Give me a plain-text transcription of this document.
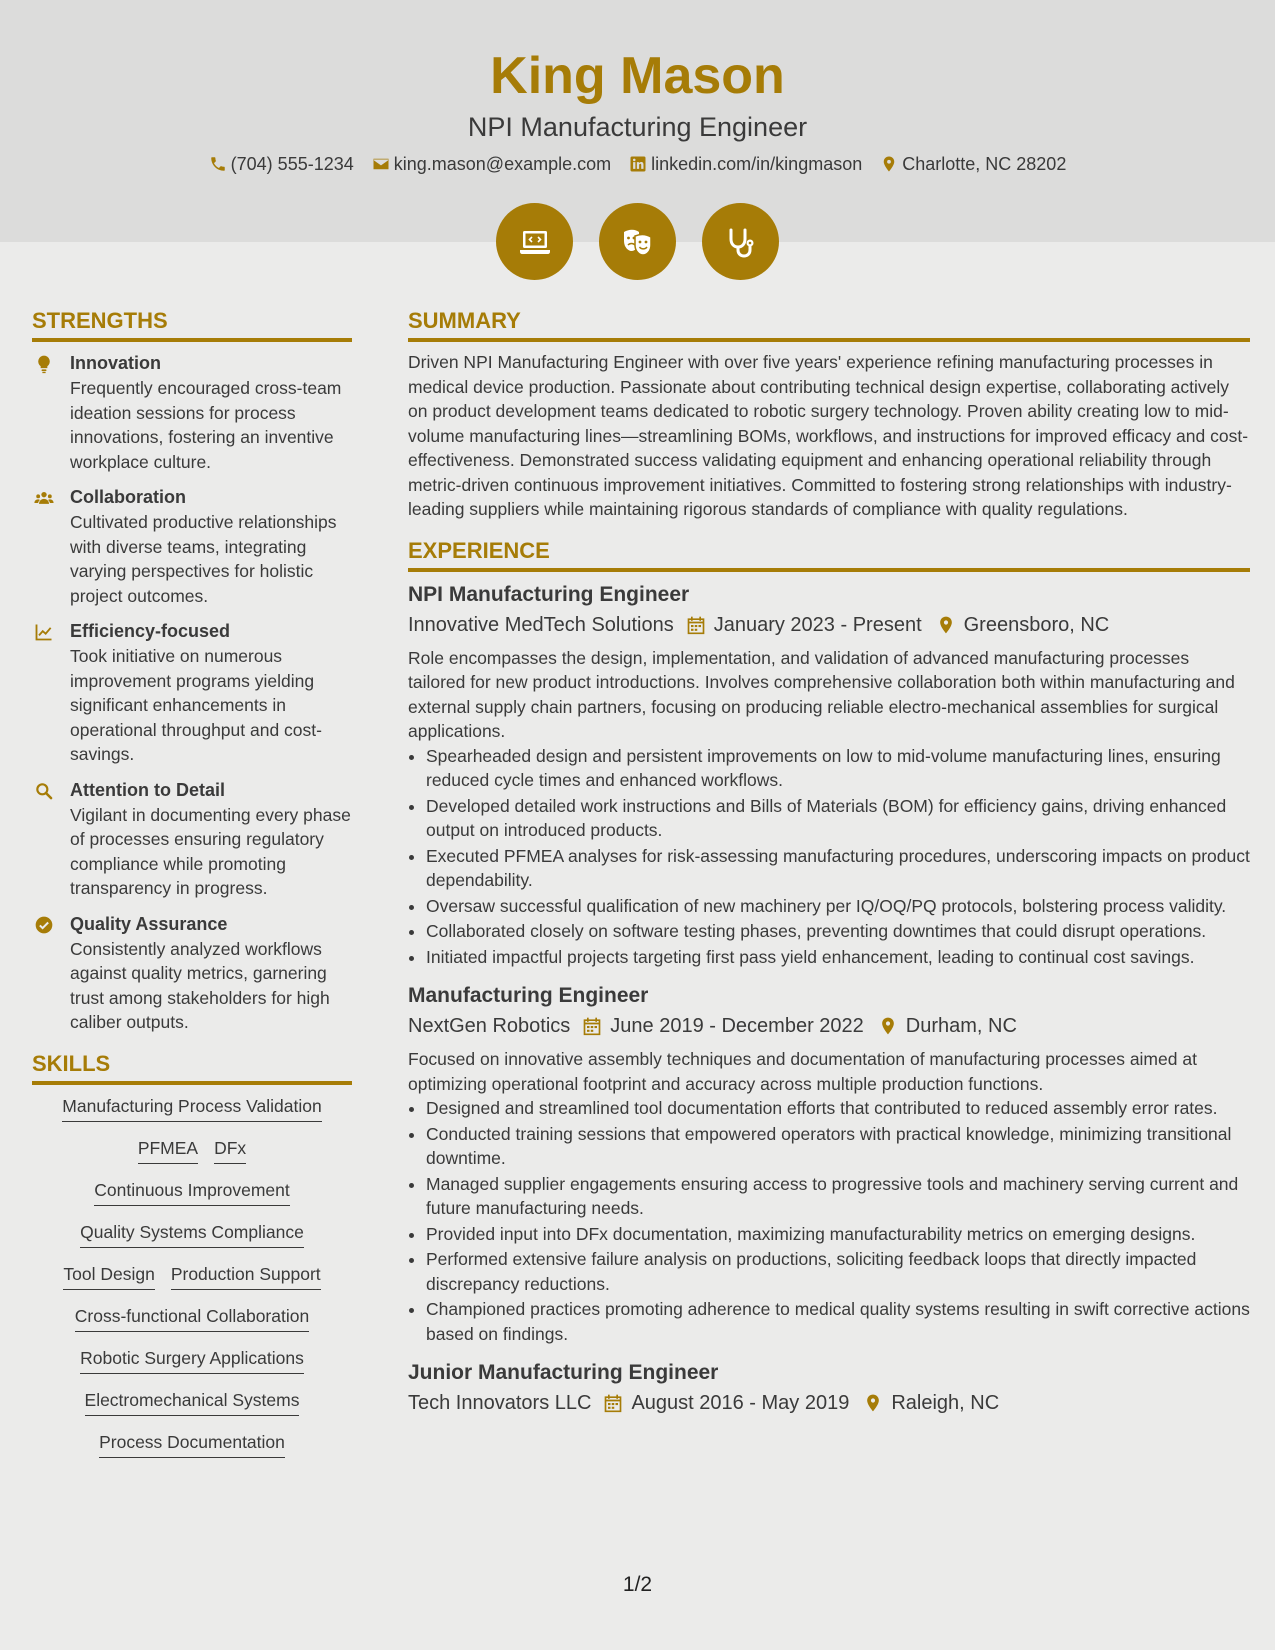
King Mason
NPI Manufacturing Engineer
(704) 555-1234 king.mason@example.com linkedin.com/in/kingmason Charlotte, NC 28202
STRENGTHS
Innovation
Frequently encouraged cross-team ideation sessions for process innovations, fostering an inventive workplace culture.
Collaboration
Cultivated productive relationships with diverse teams, integrating varying perspectives for holistic project outcomes.
Efficiency-focused
Took initiative on numerous improvement programs yielding significant enhancements in operational throughput and cost-savings.
Attention to Detail
Vigilant in documenting every phase of processes ensuring regulatory compliance while promoting transparency in progress.
Quality Assurance
Consistently analyzed workflows against quality metrics, garnering trust among stakeholders for high caliber outputs.
SKILLS
Manufacturing Process Validation
PFMEA DFx
Continuous Improvement
Quality Systems Compliance
Tool Design Production Support
Cross-functional Collaboration
Robotic Surgery Applications
Electromechanical Systems
Process Documentation
SUMMARY
Driven NPI Manufacturing Engineer with over five years' experience refining manufacturing processes in medical device production. Passionate about contributing technical design expertise, collaborating actively on product development teams dedicated to robotic surgery technology. Proven ability creating low to mid-volume manufacturing lines—streamlining BOMs, workflows, and instructions for improved efficacy and cost-effectiveness. Demonstrated success validating equipment and enhancing operational reliability through metric-driven continuous improvement initiatives. Committed to fostering strong relationships with industry-leading suppliers while maintaining rigorous standards of compliance with quality regulations.
EXPERIENCE
NPI Manufacturing Engineer
Innovative MedTech Solutions January 2023 - Present Greensboro, NC
Role encompasses the design, implementation, and validation of advanced manufacturing processes tailored for new product introductions. Involves comprehensive collaboration both within manufacturing and external supply chain partners, focusing on producing reliable electro-mechanical assemblies for surgical applications.
• Spearheaded design and persistent improvements on low to mid-volume manufacturing lines, ensuring reduced cycle times and enhanced workflows.
• Developed detailed work instructions and Bills of Materials (BOM) for efficiency gains, driving enhanced output on introduced products.
• Executed PFMEA analyses for risk-assessing manufacturing procedures, underscoring impacts on product dependability.
• Oversaw successful qualification of new machinery per IQ/OQ/PQ protocols, bolstering process validity.
• Collaborated closely on software testing phases, preventing downtimes that could disrupt operations.
• Initiated impactful projects targeting first pass yield enhancement, leading to continual cost savings.
Manufacturing Engineer
NextGen Robotics June 2019 - December 2022 Durham, NC
Focused on innovative assembly techniques and documentation of manufacturing processes aimed at optimizing operational footprint and accuracy across multiple production functions.
• Designed and streamlined tool documentation efforts that contributed to reduced assembly error rates.
• Conducted training sessions that empowered operators with practical knowledge, minimizing transitional downtime.
• Managed supplier engagements ensuring access to progressive tools and machinery serving current and future manufacturing needs.
• Provided input into DFx documentation, maximizing manufacturability metrics on emerging designs.
• Performed extensive failure analysis on productions, soliciting feedback loops that directly impacted discrepancy reductions.
• Championed practices promoting adherence to medical quality systems resulting in swift corrective actions based on findings.
Junior Manufacturing Engineer
Tech Innovators LLC August 2016 - May 2019 Raleigh, NC
1/2
